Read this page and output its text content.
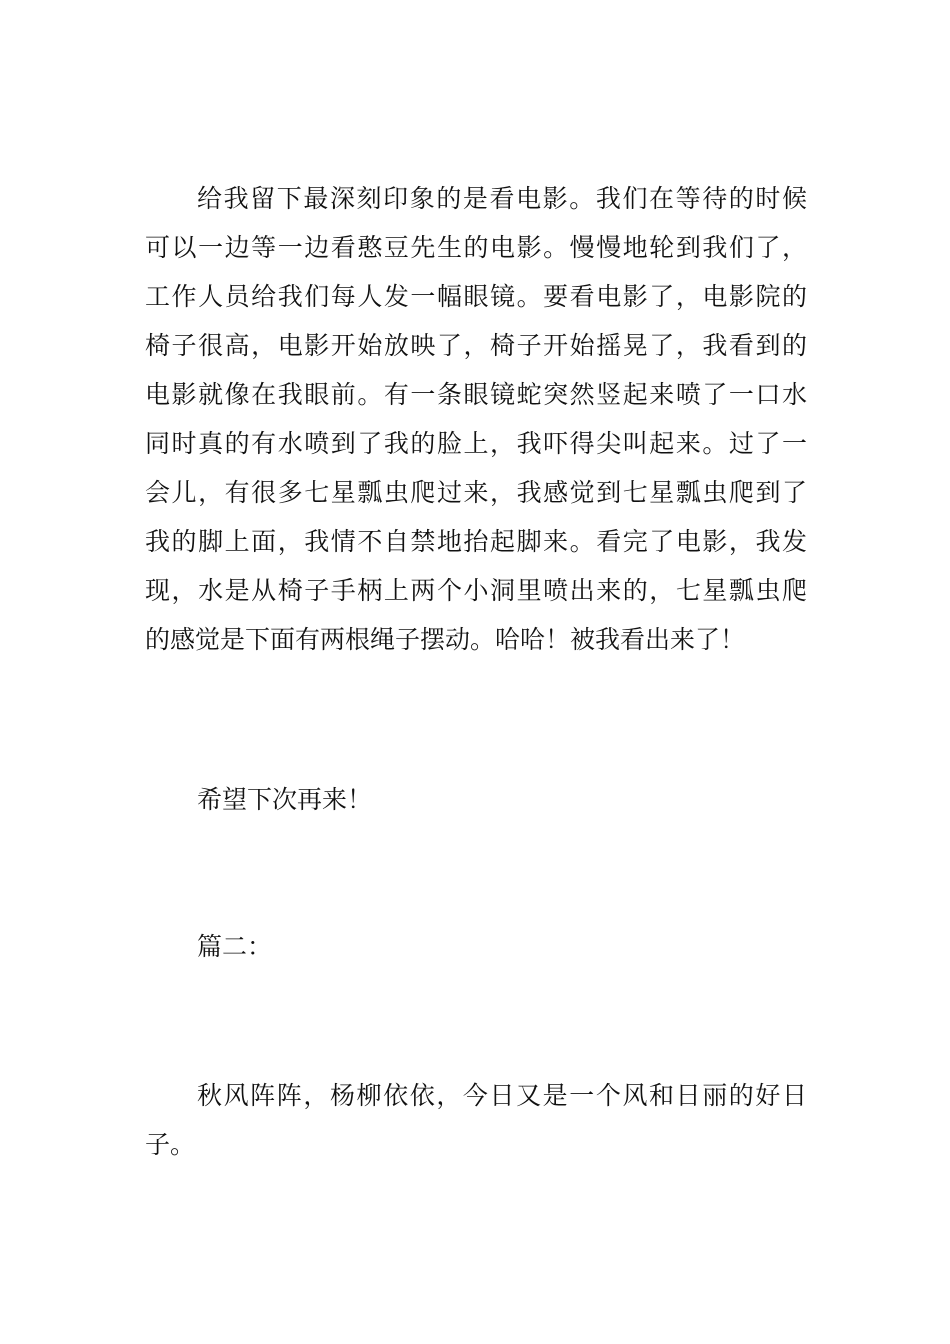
给我留下最深刻印象的是看电影。我们在等待的时候
可以一边等一边看憨豆先生的电影。慢慢地轮到我们了，
工作人员给我们每人发一幅眼镜。要看电影了，电影院的
椅子很高，电影开始放映了，椅子开始摇晃了，我看到的
电影就像在我眼前。有一条眼镜蛇突然竖起来喷了一口水
同时真的有水喷到了我的脸上，我吓得尖叫起来。过了一
会儿，有很多七星瓢虫爬过来，我感觉到七星瓢虫爬到了
我的脚上面，我情不自禁地抬起脚来。看完了电影，我发
现，水是从椅子手柄上两个小洞里喷出来的，七星瓢虫爬
的感觉是下面有两根绳子摆动。哈哈！被我看出来了！
希望下次再来！
篇二：
秋风阵阵，杨柳依依，今日又是一个风和日丽的好日
子。
